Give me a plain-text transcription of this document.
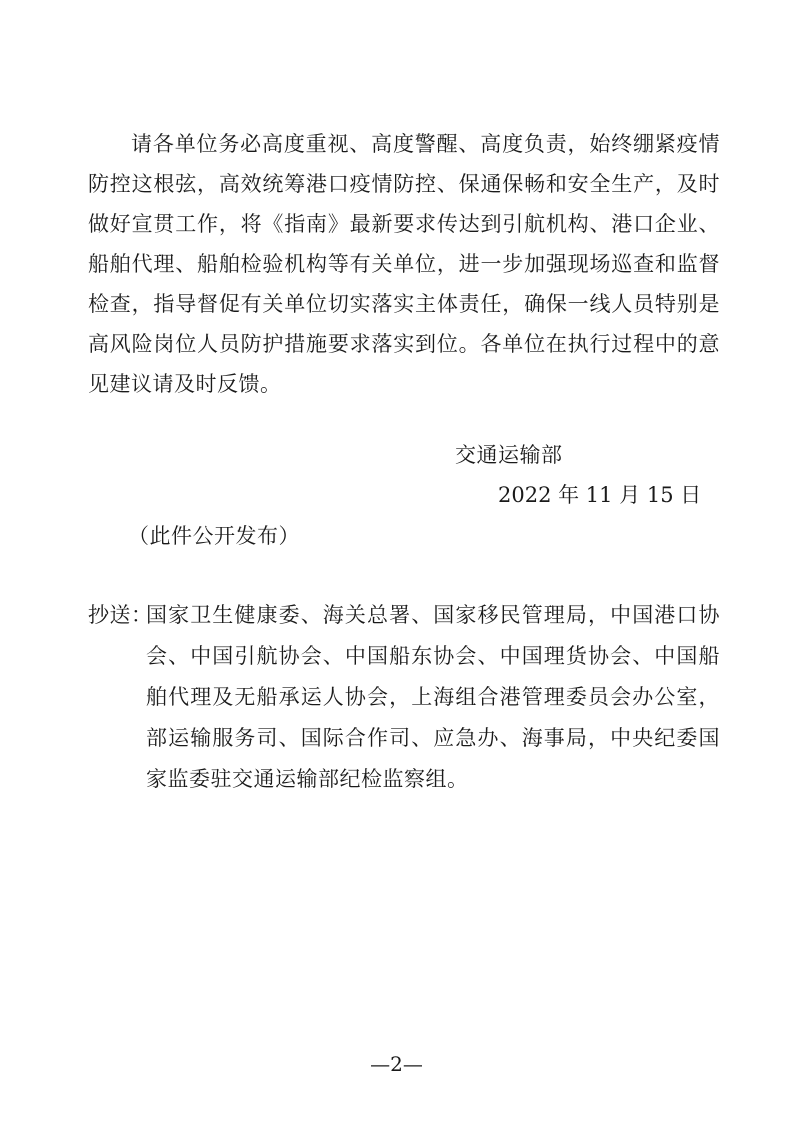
请各单位务必高度重视、高度警醒、高度负责，始终绷紧疫情防控这根弦，高效统筹港口疫情防控、保通保畅和安全生产，及时做好宣贯工作，将《指南》最新要求传达到引航机构、港口企业、船舶代理、船舶检验机构等有关单位，进一步加强现场巡查和监督检查，指导督促有关单位切实落实主体责任，确保一线人员特别是高风险岗位人员防护措施要求落实到位。各单位在执行过程中的意见建议请及时反馈。

交通运输部
2022 年 11 月 15 日
（此件公开发布）
抄送：
国家卫生健康委、海关总署、国家移民管理局，中国港口协会、中国引航协会、中国船东协会、中国理货协会、中国船舶代理及无船承运人协会，上海组合港管理委员会办公室，部运输服务司、国际合作司、应急办、海事局，中央纪委国家监委驻交通运输部纪检监察组。
—2—
